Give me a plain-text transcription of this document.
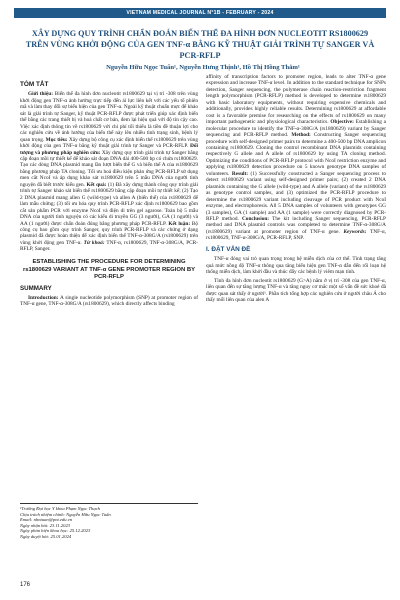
VIETNAM MEDICAL JOURNAL N°1B - FEBRUARY - 2024
XÂY DỰNG QUY TRÌNH CHẨN ĐOÁN BIẾN THỂ ĐA HÌNH ĐƠN NUCLEOTIT RS1800629 TRÊN VÙNG KHỞI ĐỘNG CỦA GEN TNF-α BẰNG KỸ THUẬT GIẢI TRÌNH TỰ SANGER VÀ PCR-RFLP
Nguyễn Hữu Ngọc Tuấn¹, Nguyễn Hưng Thịnh¹, Hồ Thị Hồng Thắm¹
TÓM TẮT
Giới thiệu: Biến thể đa hình đơn nucleotit rs1800629 tại vị trí -308 trên vùng khởi động gen TNF-α ảnh hưởng trực tiếp đến ái lực liên kết với các yếu tố phiên mã và làm thay đổi sự biểu hiện của gen TNF-α. Ngoài kỹ thuật chuẩn mực để khảo sát là giải trình tự Sanger, kỹ thuật PCR-RFLP được phát triển giúp xác định biến thể bằng các trang thiết bị và hoá chất cơ bản, đem lại hiệu quả với độ tin cậy cao. Việc xác định thông tin về rs1800629 với chi phí tối thiểu là tiền đề thuận lợi cho các nghiên cứu về ảnh hưởng của biến thể này lên nhiều tình trạng sinh, bệnh lý quan trọng. Mục tiêu: Xây dựng bộ công cụ xác định biến thể rs1800629 trên vùng khởi động của gen TNF-α bằng kỹ thuật giải trình tự Sanger và PCR-RFLP. Đối tượng và phương pháp nghiên cứu: Xây dựng quy trình giải trình tự Sanger bằng cặp đoạn mồi tự thiết kế để khảo sát đoạn DNA dài 400-500 bp có chứa rs1800629. Tạo các dòng DNA plasmid mang lần lượt biến thể G và biến thể A của rs1800629 bằng phương pháp TA cloning. Tối ưu hoá điều kiện phản ứng PCR-RFLP sử dụng men cắt NcoI và áp dụng khảo sát rs1800629 trên 5 mẫu DNA của người tình nguyện đã biết trước kiểu gen. Kết quả: (1) Đã xây dựng thành công quy trình giải trình tự Sanger khảo sát biến thể rs1800629 bằng cặp đoạn mồi tự thiết kế; (2) Tạo 2 DNA plasmid mang allen G (wild-type) và allen A (biến thể) của rs1800629 để làm mẫu chứng; (3) tối ưu hóa quy trình PCR-RFLP xác định rs1800629 bao gồm cắt sản phẩm PCR với enzyme NcoI và điện di trên gel agarose. Toàn bộ 5 mẫu DNA của người tình nguyện có các kiểu di truyền GG (3 người), GA (1 người) và AA (1 người) được chẩn đoán đúng bằng phương pháp PCR-RFLP. Kết luận: Bộ công cụ bao gồm quy trình Sanger, quy trình PCR-RFLP và các chứng ở dạng plasmid đã được hoàn thiện để xác định biến thể TNF-α-308G/A (rs1800629) trên vùng khởi động gen TNF-α. Từ khoá: TNF-α, rs1800629, TNF-α-308G/A, PCR-RFLP, Sanger.
ESTABLISHING THE PROCEDURE FOR DETERMINING rs1800629 VARIANT AT TNF-α GENE PROMOTER REGION BY PCR-RFLP
SUMMARY
Introduction: A single nucleotide polymorphism (SNP) at promoter region of TNF-α gene, TNF-α-308G/A (rs1800629), which directly affects binding
¹Trường Đại học Y khoa Phạm Ngọc Thạch
Chịu trách nhiệm chính: Nguyễn Hữu Ngọc Tuấn
Email: nhntuan@pnt.edu.vn
Ngày nhận bài: 23.11.2023
Ngày phản biện khoa học: 25.12.2023
Ngày duyệt bài: 25.01.2024
affinity of transcription factors to promoter region, leads to alter TNF-α gene expression and increase TNF-α level. In addition to the standard technique for SNPs detection, Sanger sequencing, the polymerase chain reaction-restriction fragment length polymorphism (PCR-RFLP) method is developed to determine rs1800629 with basic laboratory equipments, without requiring expensive chemicals and additionally, provides highly reliable results. Determining rs1800629 at affordable cost is a favorable premise for researching on the effects of rs1800629 on many important pathogenetic and physiological characteristics. Objective: Establishing a molecular procedure to identify the TNF-α-308G/A (rs1800629) variant by Sanger sequencing and PCR-RFLP method. Method: Constructing Sanger sequencing procedure with self-designed primer pairs to determine a 400-500 bp DNA amplicon containing rs1800629. Cloning the control recombinant DNA plasmids containing respectively G allele and A allele of rs1800629 by using TA cloning method. Optimizing the conditions of PCR-RFLP protocol with NcoI restriction enzyme and applying rs1800629 detection procedure on 5 known genotype DNA samples of volunteers. Result: (1) Successfully constructed a Sanger sequencing process to detect rs1800629 variant using self-designed primer pairs; (2) created 2 DNA plasmids containing the G allele (wild-type) and A allele (variant) of the rs1800629 as genotype control samples, and (3) optimized the PCR-RFLP procedure to determine the rs1800629 variant including cleavage of PCR product with NcoI enzyme, and electrophoresis. All 5 DNA samples of volunteers with genotypes GG (3 samples), GA (1 sample) and AA (1 sample) were correctly diagnosed by PCR-RFLP method. Conclusion: The kit including Sanger sequencing, PCR-RFLP method and DNA plasmid controls was completed to determine TNF-α-308G/A (rs1800629) variant at promoter region of TNF-α gene. Keywords: TNF-α, rs1800629, TNF-α-308G/A, PCR-RFLP, SNP.
I. ĐẶT VẤN ĐỀ
TNF-α đóng vai trò quan trọng trong hệ miễn dịch của cơ thể. Tình trạng tăng quá mức nồng độ TNF-α thông qua tăng biểu hiện gen TNF-α dẫn đến rối loạn hệ thống miễn dịch, làm khởi đầu và thúc đẩy các bệnh lý viêm mạn tính.
Tình đa hình đơn nucleotit rs1800629 (G>A) nằm ở vị trí -308 của gen TNF-α, liên quan đến sự tăng lượng TNF-α và tăng nguy cơ mắc một số vấn đề sức khoẻ đã được quan sát thấy ở người¹. Phần tích tổng hợp các nghiên cứu ở người châu Á cho thấy mối liên quan của alen A
176
